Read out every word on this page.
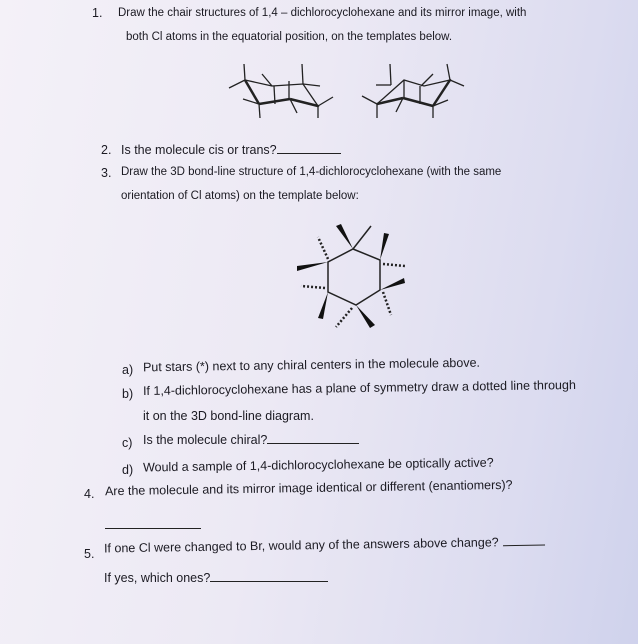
1. Draw the chair structures of 1,4 – dichlorocyclohexane and its mirror image, with
both Cl atoms in the equatorial position, on the templates below.
2. Is the molecule cis or trans?
3. Draw the 3D bond-line structure of 1,4-dichlorocyclohexane (with the same
orientation of Cl atoms) on the template below:
a) Put stars (*) next to any chiral centers in the molecule above.
b) If 1,4-dichlorocyclohexane has a plane of symmetry draw a dotted line through
it on the 3D bond-line diagram.
c) Is the molecule chiral?
d) Would a sample of 1,4-dichlorocyclohexane be optically active?
4. Are the molecule and its mirror image identical or different (enantiomers)?
5. If one Cl were changed to Br, would any of the answers above change?
If yes, which ones?
